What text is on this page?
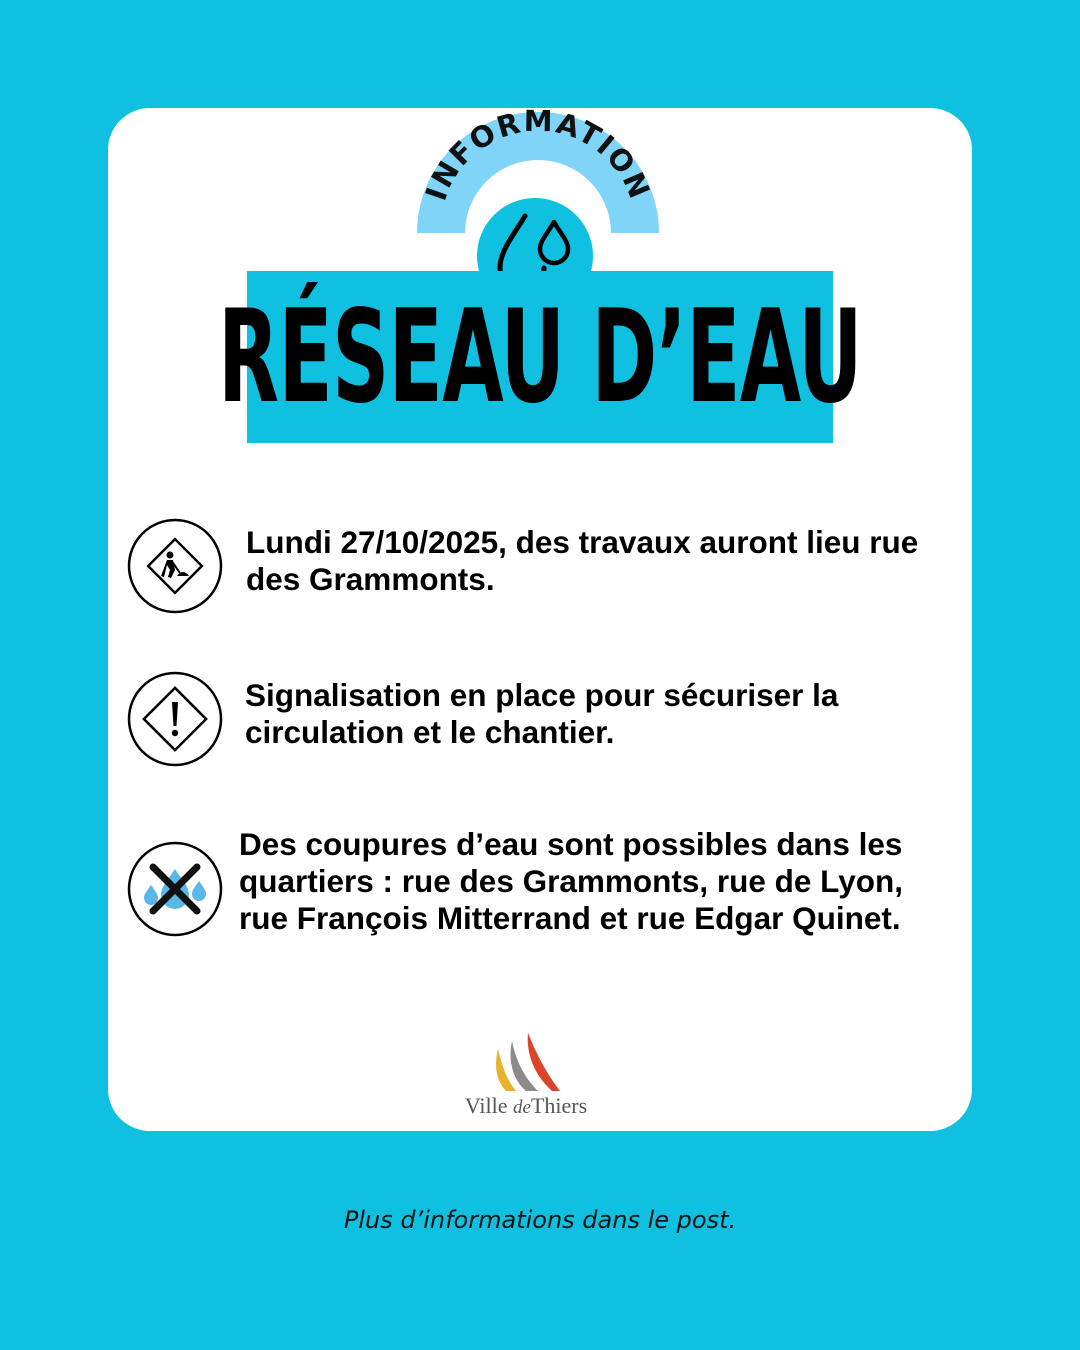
INFORMATION
RÉSEAU D’EAU
Lundi 27/10/2025, des travaux auront lieu rue des Grammonts.
Signalisation en place pour sécuriser la circulation et le chantier.
Des coupures d’eau sont possibles dans les quartiers : rue des Grammonts, rue de Lyon, rue François Mitterrand et rue Edgar Quinet.
Ville deThiers
Plus d’informations dans le post.
